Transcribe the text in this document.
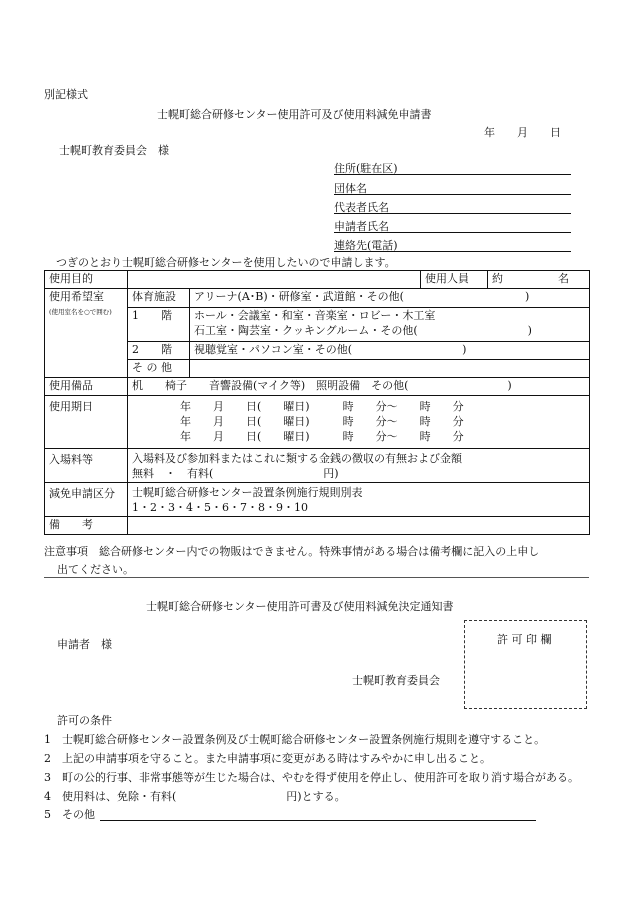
別記様式
士幌町総合研修センター使用許可及び使用料減免申請書
年　　月　　日
士幌町教育委員会　様
住所(駐在区)
団体名
代表者氏名
申請者氏名
連絡先(電話)
つぎのとおり士幌町総合研修センターを使用したいので申請します。
使用目的			使用人員	約　　　　　名
使用希望室
(使用室名を○で囲む)	体育施設	アリーナ(A･B)・研修室・武道館・その他(　　　　　　　　　　　)		
	1　　階	ホール・会議室・和室・音楽室・ロビー・木工室
石工室・陶芸室・クッキングルーム・その他(　　　　　　　　　　)		

	2　　階	視聴覚室・パソコン室・その他(　　　　　　　　　　)		
	そ の 他			
使用備品	机　　椅子　　音響設備(マイク等)　照明設備　その他(　　　　　　　　　)			
使用期日	年　　月　　日(　　曜日)　　　時　　分～　　時　　分
年　　月　　日(　　曜日)　　　時　　分～　　時　　分
年　　月　　日(　　曜日)　　　時　　分～　　時　　分			

入場料等	入場料及び参加料またはこれに類する金銭の徴収の有無および金額
無料　・　有料(　　　　　　　　　　円)			

減免申請区分	士幌町総合研修センター設置条例施行規則別表
1・2・3・4・5・6・7・8・9・10			

備　　考				
注意事項　総合研修センター内での物販はできません。特殊事情がある場合は備考欄に記入の上申し
出てください。
士幌町総合研修センター使用許可書及び使用料減免決定通知書
申請者　様	許 可 印 欄
士幌町教育委員会
許可の条件
1　士幌町総合研修センター設置条例及び士幌町総合研修センター設置条例施行規則を遵守すること。
2　上記の申請事項を守ること。また申請事項に変更がある時はすみやかに申し出ること。
3　町の公的行事、非常事態等が生じた場合は、やむを得ず使用を停止し、使用許可を取り消す場合がある。
4　使用料は、免除・有料(　　　　　　　　　　円)とする。
5　その他
